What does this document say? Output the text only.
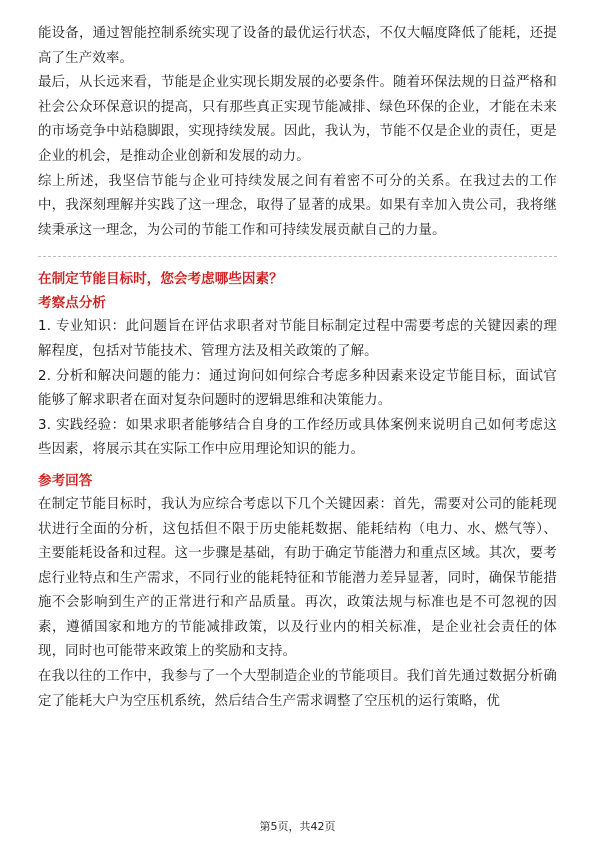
能设备，通过智能控制系统实现了设备的最优运行状态，不仅大幅度降低了能耗，还提高了生产效率。

最后，从长远来看，节能是企业实现长期发展的必要条件。随着环保法规的日益严格和社会公众环保意识的提高，只有那些真正实现节能减排、绿色环保的企业，才能在未来的市场竞争中站稳脚跟，实现持续发展。因此，我认为，节能不仅是企业的责任，更是企业的机会，是推动企业创新和发展的动力。

综上所述，我坚信节能与企业可持续发展之间有着密不可分的关系。在我过去的工作中，我深刻理解并实践了这一理念，取得了显著的成果。如果有幸加入贵公司，我将继续秉承这一理念，为公司的节能工作和可持续发展贡献自己的力量。

在制定节能目标时，您会考虑哪些因素？

考察点分析

1. 专业知识：此问题旨在评估求职者对节能目标制定过程中需要考虑的关键因素的理解程度，包括对节能技术、管理方法及相关政策的了解。

2. 分析和解决问题的能力：通过询问如何综合考虑多种因素来设定节能目标，面试官能够了解求职者在面对复杂问题时的逻辑思维和决策能力。

3. 实践经验：如果求职者能够结合自身的工作经历或具体案例来说明自己如何考虑这些因素，将展示其在实际工作中应用理论知识的能力。

参考回答

在制定节能目标时，我认为应综合考虑以下几个关键因素：首先，需要对公司的能耗现状进行全面的分析，这包括但不限于历史能耗数据、能耗结构（电力、水、燃气等）、主要能耗设备和过程。这一步骤是基础，有助于确定节能潜力和重点区域。其次，要考虑行业特点和生产需求，不同行业的能耗特征和节能潜力差异显著，同时，确保节能措施不会影响到生产的正常进行和产品质量。再次，政策法规与标准也是不可忽视的因素，遵循国家和地方的节能减排政策，以及行业内的相关标准，是企业社会责任的体现，同时也可能带来政策上的奖励和支持。

在我以往的工作中，我参与了一个大型制造企业的节能项目。我们首先通过数据分析确定了能耗大户为空压机系统，然后结合生产需求调整了空压机的运行策略，优

第5页，共42页
